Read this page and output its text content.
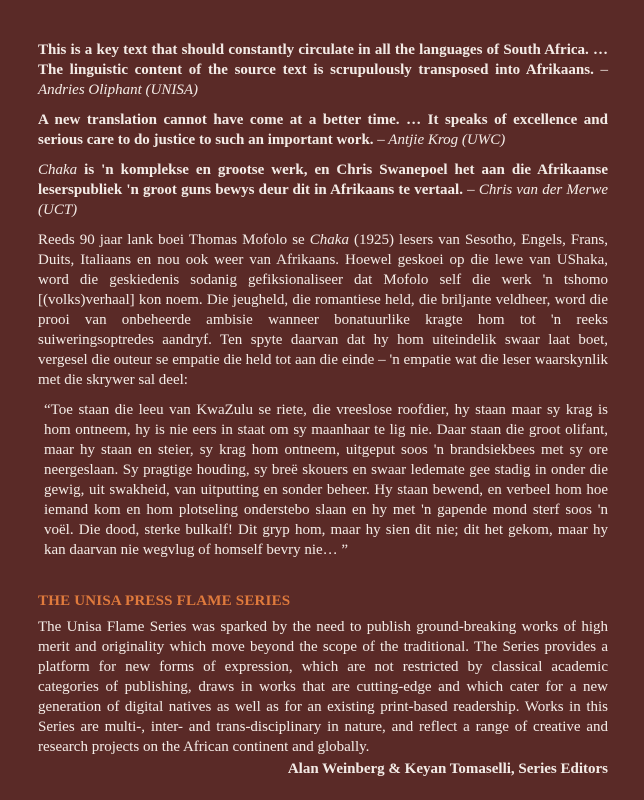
This is a key text that should constantly circulate in all the languages of South Africa. …The linguistic content of the source text is scrupulously transposed into Afrikaans. – Andries Oliphant (UNISA)

A new translation cannot have come at a better time. … It speaks of excellence and serious care to do justice to such an important work. – Antjie Krog (UWC)

Chaka is 'n komplekse en grootse werk, en Chris Swanepoel het aan die Afrikaanse leserspubliek 'n groot guns bewys deur dit in Afrikaans te vertaal. – Chris van der Merwe (UCT)

Reeds 90 jaar lank boei Thomas Mofolo se Chaka (1925) lesers van Sesotho, Engels, Frans, Duits, Italiaans en nou ook weer van Afrikaans. Hoewel geskoei op die lewe van UShaka, word die geskiedenis sodanig gefiksionaliseer dat Mofolo self die werk 'n tshomo [(volks)verhaal] kon noem. Die jeugheld, die romantiese held, die briljante veldheer, word die prooi van onbeheerde ambisie wanneer bonatuurlike kragte hom tot 'n reeks suiweringsoptredes aandryf. Ten spyte daarvan dat hy hom uiteindelik swaar laat boet, vergesel die outeur se empatie die held tot aan die einde – 'n empatie wat die leser waarskynlik met die skrywer sal deel:

“Toe staan die leeu van KwaZulu se riete, die vreeslose roofdier, hy staan maar sy krag is hom ontneem, hy is nie eers in staat om sy maanhaar te lig nie. Daar staan die groot olifant, maar hy staan en steier, sy krag hom ontneem, uitgeput soos 'n brandsiekbees met sy ore neergeslaan. Sy pragtige houding, sy breë skouers en swaar ledemate gee stadig in onder die gewig, uit swakheid, van uitputting en sonder beheer. Hy staan bewend, en verbeel hom hoe iemand kom en hom plotseling onderstebo slaan en hy met 'n gapende mond sterf soos 'n voël. Die dood, sterke bulkalf! Dit gryp hom, maar hy sien dit nie; dit het gekom, maar hy kan daarvan nie wegvlug of homself bevry nie… ”

THE UNISA PRESS FLAME SERIES

The Unisa Flame Series was sparked by the need to publish ground-breaking works of high merit and originality which move beyond the scope of the traditional. The Series provides a platform for new forms of expression, which are not restricted by classical academic categories of publishing, draws in works that are cutting-edge and which cater for a new generation of digital natives as well as for an existing print-based readership. Works in this Series are multi-, inter- and trans-disciplinary in nature, and reflect a range of creative and research projects on the African continent and globally.

Alan Weinberg & Keyan Tomaselli, Series Editors
